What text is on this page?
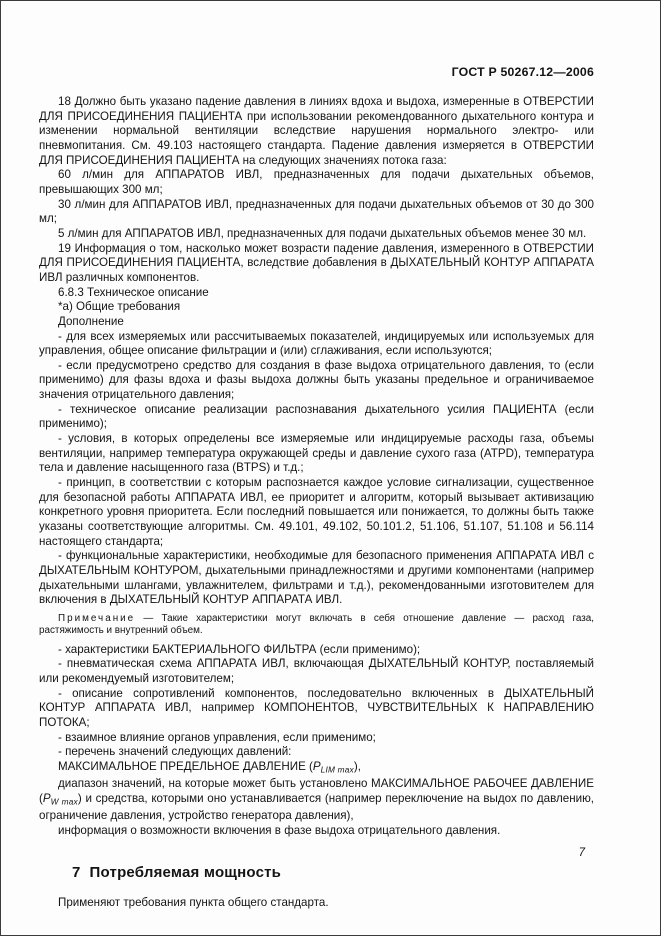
ГОСТ Р 50267.12—2006

18 Должно быть указано падение давления в линиях вдоха и выдоха, измеренные в ОТВЕРСТИИ ДЛЯ ПРИСОЕДИНЕНИЯ ПАЦИЕНТА при использовании рекомендованного дыхательного контура и изменении нормальной вентиляции вследствие нарушения нормального электро- или пневмопитания. См. 49.103 настоящего стандарта. Падение давления измеряется в ОТВЕРСТИИ ДЛЯ ПРИСОЕДИНЕНИЯ ПАЦИЕНТА на следующих значениях потока газа:

60 л/мин для АППАРАТОВ ИВЛ, предназначенных для подачи дыхательных объемов, превышающих 300 мл;

30 л/мин для АППАРАТОВ ИВЛ, предназначенных для подачи дыхательных объемов от 30 до 300 мл;

5 л/мин для АППАРАТОВ ИВЛ, предназначенных для подачи дыхательных объемов менее 30 мл.

19 Информация о том, насколько может возрасти падение давления, измеренного в ОТВЕРСТИИ ДЛЯ ПРИСОЕДИНЕНИЯ ПАЦИЕНТА, вследствие добавления в ДЫХАТЕЛЬНЫЙ КОНТУР АППАРАТА ИВЛ различных компонентов.

6.8.3 Техническое описание

*а) Общие требования

Дополнение

- для всех измеряемых или рассчитываемых показателей, индицируемых или используемых для управления, общее описание фильтрации и (или) сглаживания, если используются;

- если предусмотрено средство для создания в фазе выдоха отрицательного давления, то (если применимо) для фазы вдоха и фазы выдоха должны быть указаны предельное и ограничиваемое значения отрицательного давления;

- техническое описание реализации распознавания дыхательного усилия ПАЦИЕНТА (если применимо);

- условия, в которых определены все измеряемые или индицируемые расходы газа, объемы вентиляции, например температура окружающей среды и давление сухого газа (ATPD), температура тела и давление насыщенного газа (BTPS) и т.д.;

- принцип, в соответствии с которым распознается каждое условие сигнализации, существенное для безопасной работы АППАРАТА ИВЛ, ее приоритет и алгоритм, который вызывает активизацию конкретного уровня приоритета. Если последний повышается или понижается, то должны быть также указаны соответствующие алгоритмы. См. 49.101, 49.102, 50.101.2, 51.106, 51.107, 51.108 и 56.114 настоящего стандарта;

- функциональные характеристики, необходимые для безопасного применения АППАРАТА ИВЛ с ДЫХАТЕЛЬНЫМ КОНТУРОМ, дыхательными принадлежностями и другими компонентами (например дыхательными шлангами, увлажнителем, фильтрами и т.д.), рекомендованными изготовителем для включения в ДЫХАТЕЛЬНЫЙ КОНТУР АППАРАТА ИВЛ.

Примечание — Такие характеристики могут включать в себя отношение давление — расход газа, растяжимость и внутренний объем.

- характеристики БАКТЕРИАЛЬНОГО ФИЛЬТРА (если применимо);

- пневматическая схема АППАРАТА ИВЛ, включающая ДЫХАТЕЛЬНЫЙ КОНТУР, поставляемый или рекомендуемый изготовителем;

- описание сопротивлений компонентов, последовательно включенных в ДЫХАТЕЛЬНЫЙ КОНТУР АППАРАТА ИВЛ, например КОМПОНЕНТОВ, ЧУВСТВИТЕЛЬНЫХ К НАПРАВЛЕНИЮ ПОТОКА;

- взаимное влияние органов управления, если применимо;

- перечень значений следующих давлений:

МАКСИМАЛЬНОЕ ПРЕДЕЛЬНОЕ ДАВЛЕНИЕ $(P_{LIM max})$,

диапазон значений, на которые может быть установлено МАКСИМАЛЬНОЕ РАБОЧЕЕ ДАВЛЕНИЕ $(P_{W max})$ и средства, которыми оно устанавливается (например переключение на выдох по давлению, ограничение давления, устройство генератора давления),

информация о возможности включения в фазе выдоха отрицательного давления.

7 Потребляемая мощность

Применяют требования пункта общего стандарта.

7
